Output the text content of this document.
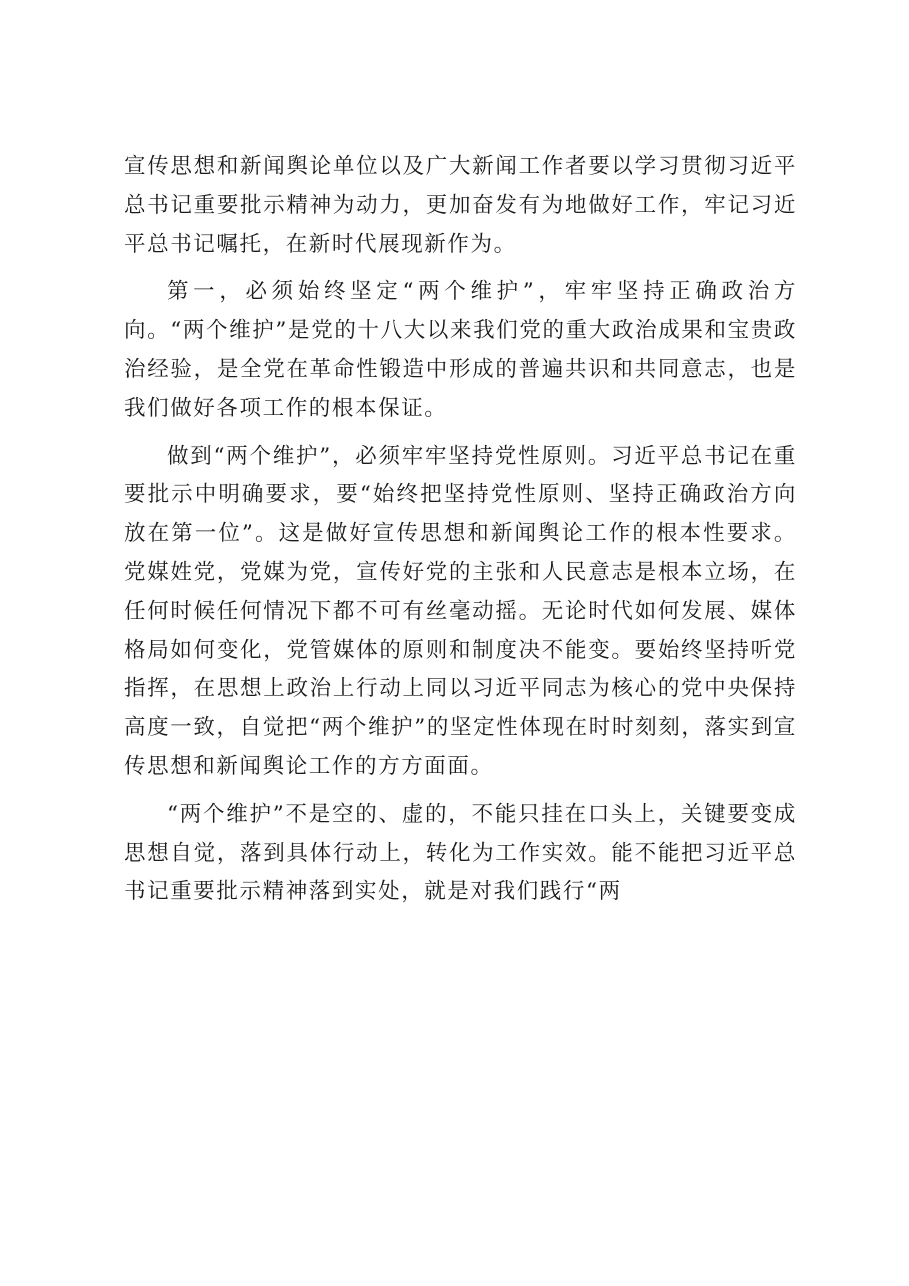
宣传思想和新闻舆论单位以及广大新闻工作者要以学习贯彻习近平总书记重要批示精神为动力，更加奋发有为地做好工作，牢记习近平总书记嘱托，在新时代展现新作为。

第一，必须始终坚定“两个维护”，牢牢坚持正确政治方向。“两个维护”是党的十八大以来我们党的重大政治成果和宝贵政治经验，是全党在革命性锻造中形成的普遍共识和共同意志，也是我们做好各项工作的根本保证。

做到“两个维护”，必须牢牢坚持党性原则。习近平总书记在重要批示中明确要求，要“始终把坚持党性原则、坚持正确政治方向放在第一位”。这是做好宣传思想和新闻舆论工作的根本性要求。党媒姓党，党媒为党，宣传好党的主张和人民意志是根本立场，在任何时候任何情况下都不可有丝毫动摇。无论时代如何发展、媒体格局如何变化，党管媒体的原则和制度决不能变。要始终坚持听党指挥，在思想上政治上行动上同以习近平同志为核心的党中央保持高度一致，自觉把“两个维护”的坚定性体现在时时刻刻，落实到宣传思想和新闻舆论工作的方方面面。

“两个维护”不是空的、虚的，不能只挂在口头上，关键要变成思想自觉，落到具体行动上，转化为工作实效。能不能把习近平总书记重要批示精神落到实处，就是对我们践行“两
